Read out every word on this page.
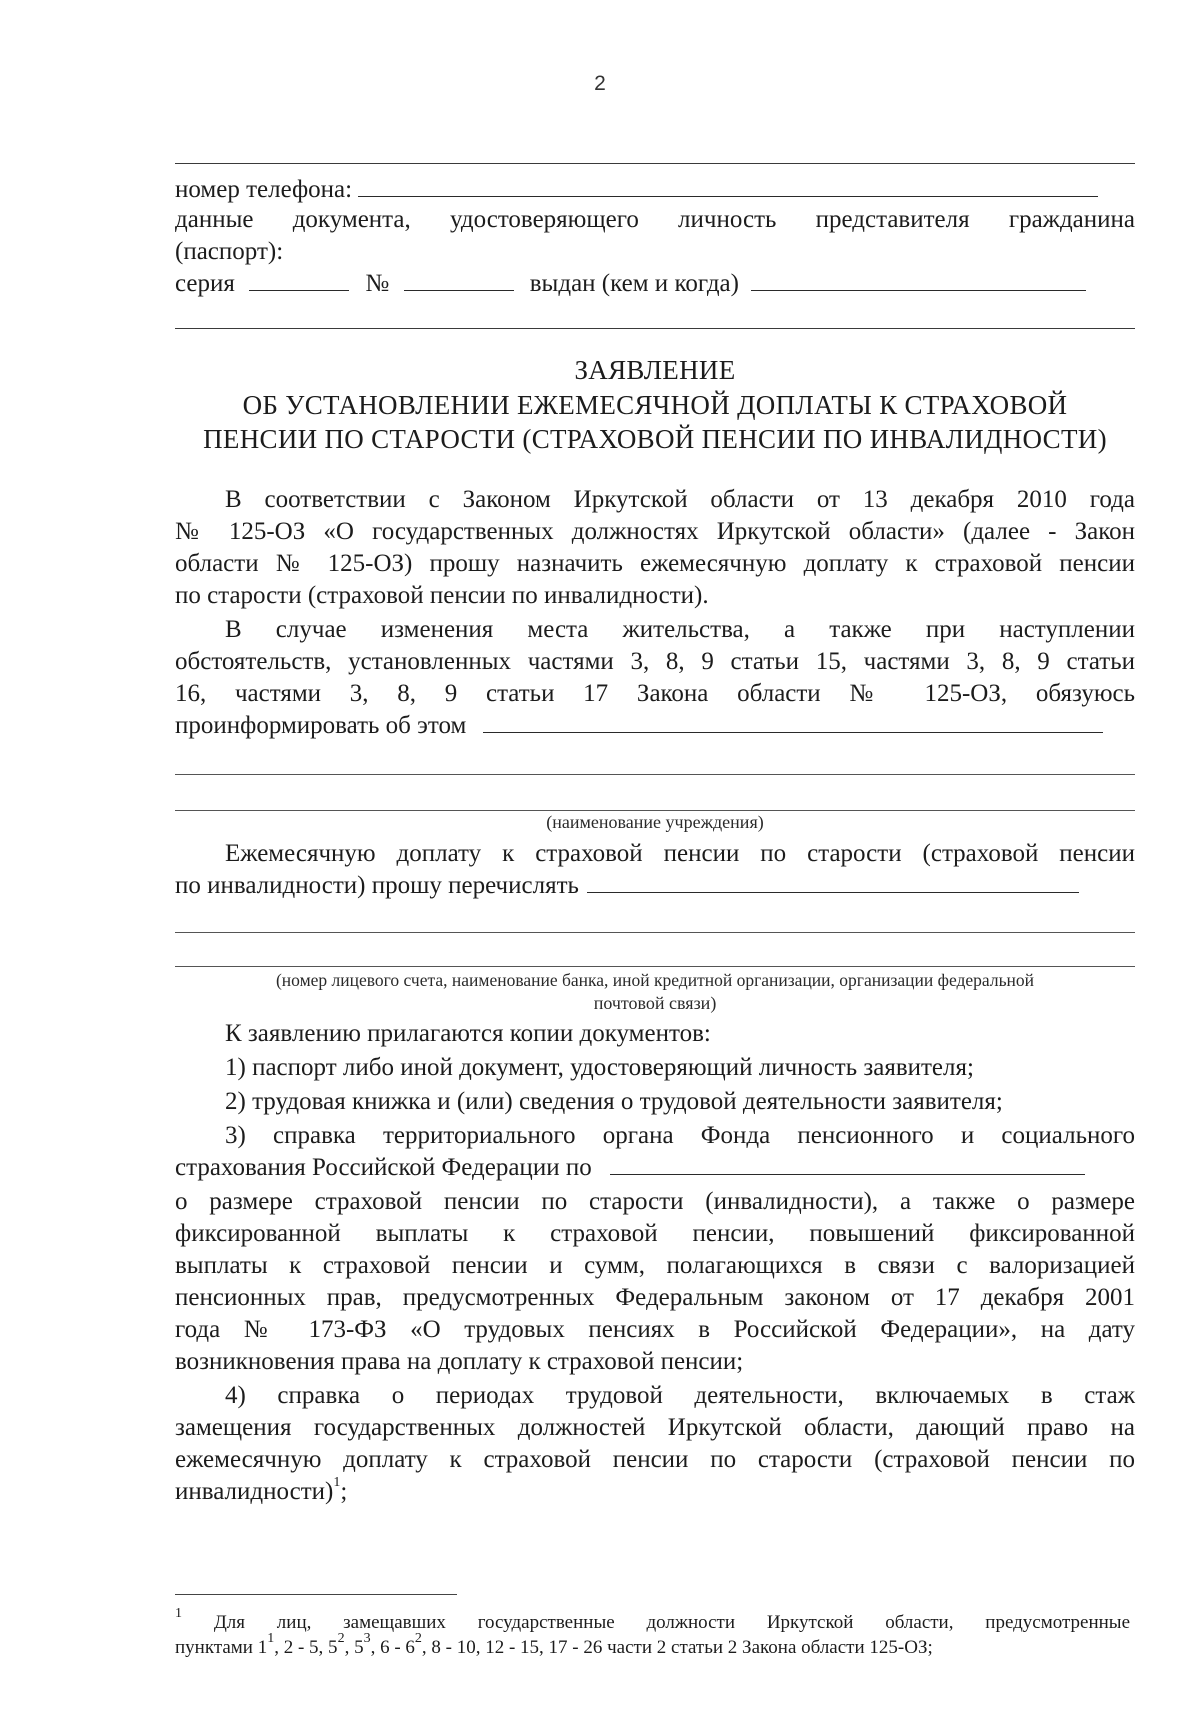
2
номер телефона:
данные документа, удостоверяющего личность представителя гражданина
(паспорт):
серия	№	выдан (кем и когда)
ЗАЯВЛЕНИЕ
ОБ УСТАНОВЛЕНИИ ЕЖЕМЕСЯЧНОЙ ДОПЛАТЫ К СТРАХОВОЙ
ПЕНСИИ ПО СТАРОСТИ (СТРАХОВОЙ ПЕНСИИ ПО ИНВАЛИДНОСТИ)
В соответствии с Законом Иркутской области от 13 декабря 2010 года
№ 125-ОЗ «О государственных должностях Иркутской области» (далее - Закон
области № 125-ОЗ) прошу назначить ежемесячную доплату к страховой пенсии
по старости (страховой пенсии по инвалидности).
В случае изменения места жительства, а также при наступлении
обстоятельств, установленных частями 3, 8, 9 статьи 15, частями 3, 8, 9 статьи
16, частями 3, 8, 9 статьи 17 Закона области № 125-ОЗ, обязуюсь
проинформировать об этом
(наименование учреждения)
Ежемесячную доплату к страховой пенсии по старости (страховой пенсии
по инвалидности) прошу перечислять
(номер лицевого счета, наименование банка, иной кредитной организации, организации федеральной
почтовой связи)
К заявлению прилагаются копии документов:
1) паспорт либо иной документ, удостоверяющий личность заявителя;
2) трудовая книжка и (или) сведения о трудовой деятельности заявителя;
3) справка территориального органа Фонда пенсионного и социального
страхования Российской Федерации по
о размере страховой пенсии по старости (инвалидности), а также о размере
фиксированной выплаты к страховой пенсии, повышений фиксированной
выплаты к страховой пенсии и сумм, полагающихся в связи с валоризацией
пенсионных прав, предусмотренных Федеральным законом от 17 декабря 2001
года № 173-ФЗ «О трудовых пенсиях в Российской Федерации», на дату
возникновения права на доплату к страховой пенсии;
4) справка о периодах трудовой деятельности, включаемых в стаж
замещения государственных должностей Иркутской области, дающий право на
ежемесячную доплату к страховой пенсии по старости (страховой пенсии по
инвалидности)$^1$;
$^1$ Для лиц, замещавших государственные должности Иркутской области, предусмотренные
пунктами $1^1$, 2 - 5, $5^2$, $5^3$, $6 - 6^2$, 8 - 10, 12 - 15, 17 - 26 части 2 статьи 2 Закона области 125-ОЗ;
